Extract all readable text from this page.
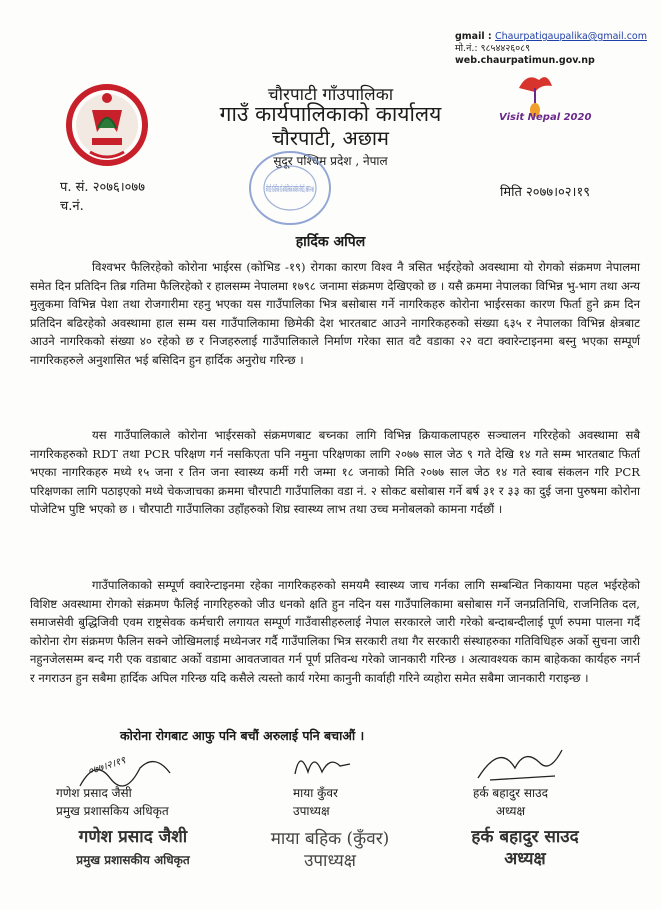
gmail : Chaurpatigaupalika@gmail.com
मो.नं.: ९८५४४२६०८९
web.chaurpatimun.gov.np
Visit Nepal 2020
चौरपाटी गाँउपालिका
गाउँ कार्यपालिकाको कार्यालय
चौरपाटी, अछाम
सुदूर पश्चिम प्रदेश , नेपाल
चौरपाटी गाउँपालिका गाउँ कार्यपालिकाको कार्यालय चौरपाटी, अछाम २०७४
प. सं. २०७६।०७७
च.नं.
मिति २०७७।०२।१९
हार्दिक अपिल
विश्वभर फैलिरहेको कोरोना भाईरस (कोभिड -१९) रोगका कारण विश्व नै त्रसित भईरहेको अवस्थामा यो रोगको संक्रमण नेपालमा समेत दिन प्रतिदिन तिब्र गतिमा फैलिरहेको र हालसम्म नेपालमा १७९८ जनामा संक्रमण देखिएको छ । यसै क्रममा नेपालका विभिन्न भु-भाग तथा अन्य मुलुकमा विभिन्न पेशा तथा रोजगारीमा रहनु भएका यस गाउँपालिका भित्र बसोबास गर्ने नागरिकहरु कोरोना भाईरसका कारण फिर्ता हुने क्रम दिन प्रतिदिन बढिरहेको अवस्थामा हाल सम्म यस गाउँपालिकामा छिमेकी देश भारतबाट आउने नागरिकहरुको संख्या ६३५ र नेपालका विभिन्न क्षेत्रबाट आउने नागरिकको संख्या ४० रहेको छ र निजहरुलाई गाउँपालिकाले निर्माण गरेका सात वटै वडाका २२ वटा क्वारेन्टाइनमा बस्नु भएका सम्पूर्ण नागरिकहरुले अनुशासित भई बसिदिन हुन हार्दिक अनुरोध गरिन्छ ।
यस गाउँपालिकाले कोरोना भाईरसको संक्रमणबाट बच्नका लागि विभिन्न क्रियाकलापहरु सञ्चालन गरिरहेको अवस्थामा सबै नागरिकहरुको RDT तथा PCR परिक्षण गर्न नसकिएता पनि नमुना परिक्षणका लागि २०७७ साल जेठ ९ गते देखि १४ गते सम्म भारतबाट फिर्ता भएका नागरिकहरु मध्ये १५ जना र तिन जना स्वास्थ्य कर्मी गरी जम्मा १८ जनाको मिति २०७७ साल जेठ १४ गते स्वाब संकलन गरि PCR परिक्षणका लागि पठाइएको मध्ये चेकजाचका क्रममा चौरपाटी गाउँपालिका वडा नं. २ सोकट बसोबास गर्ने बर्ष ३१ र ३३ का दुई जना पुरुषमा कोरोना पोजेटिभ पुष्टि भएको छ । चौरपाटी गाउँपालिका उहाँहरुको शिघ्र स्वास्थ्य लाभ तथा उच्च मनोबलको कामना गर्दछौं ।
गाउँपालिकाको सम्पूर्ण क्वारेन्टाइनमा रहेका नागरिकहरुको समयमै स्वास्थ्य जाच गर्नका लागि सम्बन्धित निकायमा पहल भईरहेको विशिष्ट अवस्थामा रोगको संक्रमण फैलिई नागरिहरुको जीउ धनको क्षति हुन नदिन यस गाउँपालिकामा बसोबास गर्ने जनप्रतिनिधि, राजनितिक दल, समाजसेवी बुद्धिजिवी एवम राष्ट्रसेवक कर्मचारी लगायत सम्पूर्ण गाउँवासीहरुलाई नेपाल सरकारले जारी गरेको बन्दाबन्दीलाई पूर्ण रुपमा पालना गर्दै कोरोना रोग संक्रमण फैलिन सक्ने जोखिमलाई मध्येनजर गर्दै गाउँपालिका भित्र सरकारी तथा गैर सरकारी संस्थाहरुका गतिविधिहरु अर्को सुचना जारी नहुनजेलसम्म बन्द गरी एक वडाबाट अर्को वडामा आवतजावत गर्न पूर्ण प्रतिवन्ध गरेको जानकारी गरिन्छ । अत्यावश्यक काम बाहेकका कार्यहरु नगर्न र नगराउन हुन सबैमा हार्दिक अपिल गरिन्छ यदि कसैले त्यस्तो कार्य गरेमा कानुनी कार्वाही गरिने व्यहोरा समेत सबैमा जानकारी गराइन्छ ।
कोरोना रोगबाट आफु पनि बचौं अरुलाई पनि बचाऔं ।
०७७।२।१९
गणेश प्रसाद जैसी
प्रमुख प्रशासकिय अधिकृत
माया कुँवर
उपाध्यक्ष
हर्क बहादुर साउद
अध्यक्ष
गणेश प्रसाद जैशी
प्रमुख प्रशासकीय अधिकृत
माया बहिक (कुँवर)
उपाध्यक्ष
हर्क बहादुर साउद
अध्यक्ष
